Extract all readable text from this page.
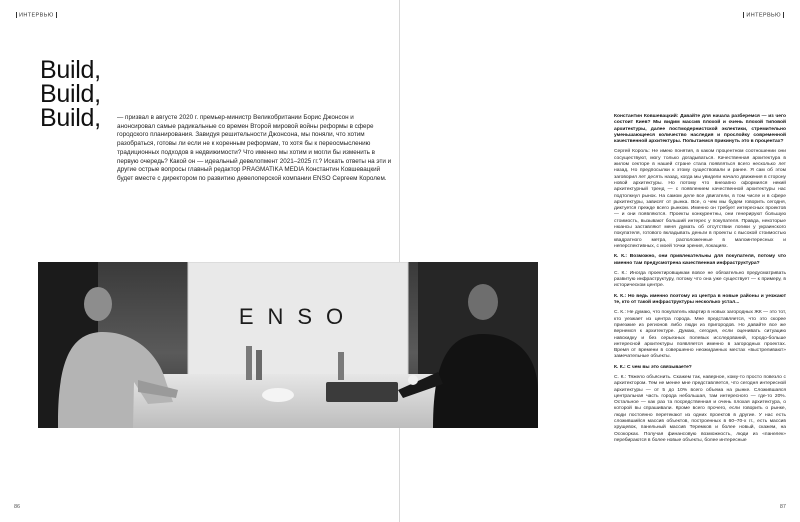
ИНТЕРВЬЮ
Build,
Build,
Build,	— призвал в августе 2020 г. премьер-министр Великобритании Борис Джонсон и анонсировал самые радикальные со времен Второй мировой войны реформы в сфере городского планирования. Завидуя решительности Джонсона, мы поняли, что хотим разобраться, готовы ли если не к коренным реформам, то хотя бы к переосмыслению традиционных подходов в недвижимости? Что именно мы хотим и могли бы изменить в первую очередь? Какой он — идеальный девелопмент 2021–2025 гг.? Искать ответы на эти и другие острые вопросы главный редактор PRAGMATIKA MEDIA Константин Ковшевацкий будет вместе с директором по развитию девелоперской компании ENSO Сергеем Королем.
86
ИНТЕРВЬЮ
87
ENSO

Константин Ковшевацкий: Давайте для начала разберемся — из чего состоит Киев? Мы видим массив плохой и очень плохой типовой архитектуры, далее постмодернистской эклектики, стремительно уменьшающееся количество наследия и прослойку современной качественной архитектуры. Попытаемся прикинуть это в процентах?

Сергей Король: Не имею понятия, в каком процентном соотношении они сосуществуют, могу только догадываться. Качественная архитектура в жилом секторе в нашей стране стала появляться всего несколько лет назад. Но предпосылки к этому существовали и ранее. Я сам об этом заговорил лет десять назад, когда мы увидели начало движения в сторону новой архитектуры. Но потому что внезапно оформился некий архитектурный тренд — с появлением качественной архитектуры нас подтолкнул рынок. На самом деле все двигатели, в том числе и в сфере архитектуры, зависят от рынка. Все, о чем мы будем говорить сегодня, диктуется прежде всего рынком. Именно он требует интересных проектов — и они появляются. Проекты конкурентны, они генерируют большую стоимость, вызывают больший интерес у покупателя. Правда, некоторые нюансы заставляют меня думать об отсутствии логики у украинского покупателя, готового вкладывать деньги в проекты с высокой стоимостью квадратного метра, расположенные в малоинтересных и неперспективных, с моей точки зрения, локациях.

К. К.: Возможно, они привлекательны для покупателя, потому что именно там предусмотрена качественная инфраструктура?

С. К.: Иногда проектировщикам вовсе не обязательно предусматривать развитую инфраструктуру, потому что она уже существует — к примеру, в историческом центре.

К. К.: Но ведь именно поэтому из центра в новые районы и уезжают те, кто от такой инфраструктуры несколько устал...

С. К.: Не думаю, что покупатель квартир в новых загородных ЖК — это тот, кто уезжает из центра города. Мне представляется, что это скорее приезжие из регионов либо люди из пригородов. Но давайте все же вернемся к архитектуре. Думаю, сегодня, если оценивать ситуацию навскидку и без серьезных полевых исследований, городо-больше интересной архитектуры появляется именно в загородных проектах. Время от времени в совершенно неожиданных местах «выстреливают» замечательные объекты.

К. К.: С чем вы это связываете?

С. К.: Тяжело объяснить. Скажем так, наверное, кому-то просто повезло с архитектором. Тем не менее мне представляется, что сегодня интересной архитектуры — от 5 до 10% всего объема на рынке. Сложившаяся центральная часть города небольшая, там интересного — где-то 20%. Остальное — как раз та посредственная и очень плохая архитектура, о которой вы спрашивали. Кроме всего прочего, если говорить о рынке, люди постоянно перетекают из одних проектов в другие. У нас есть сложившийся массив объектов, построенных в 60–70-х гг., есть массив хрущевок, панельный массив Теремков и более новый, скажем, на Осокорках. Получая финансовую возможность, люди из «панелек» перебираются в более новые объекты, более интересные
